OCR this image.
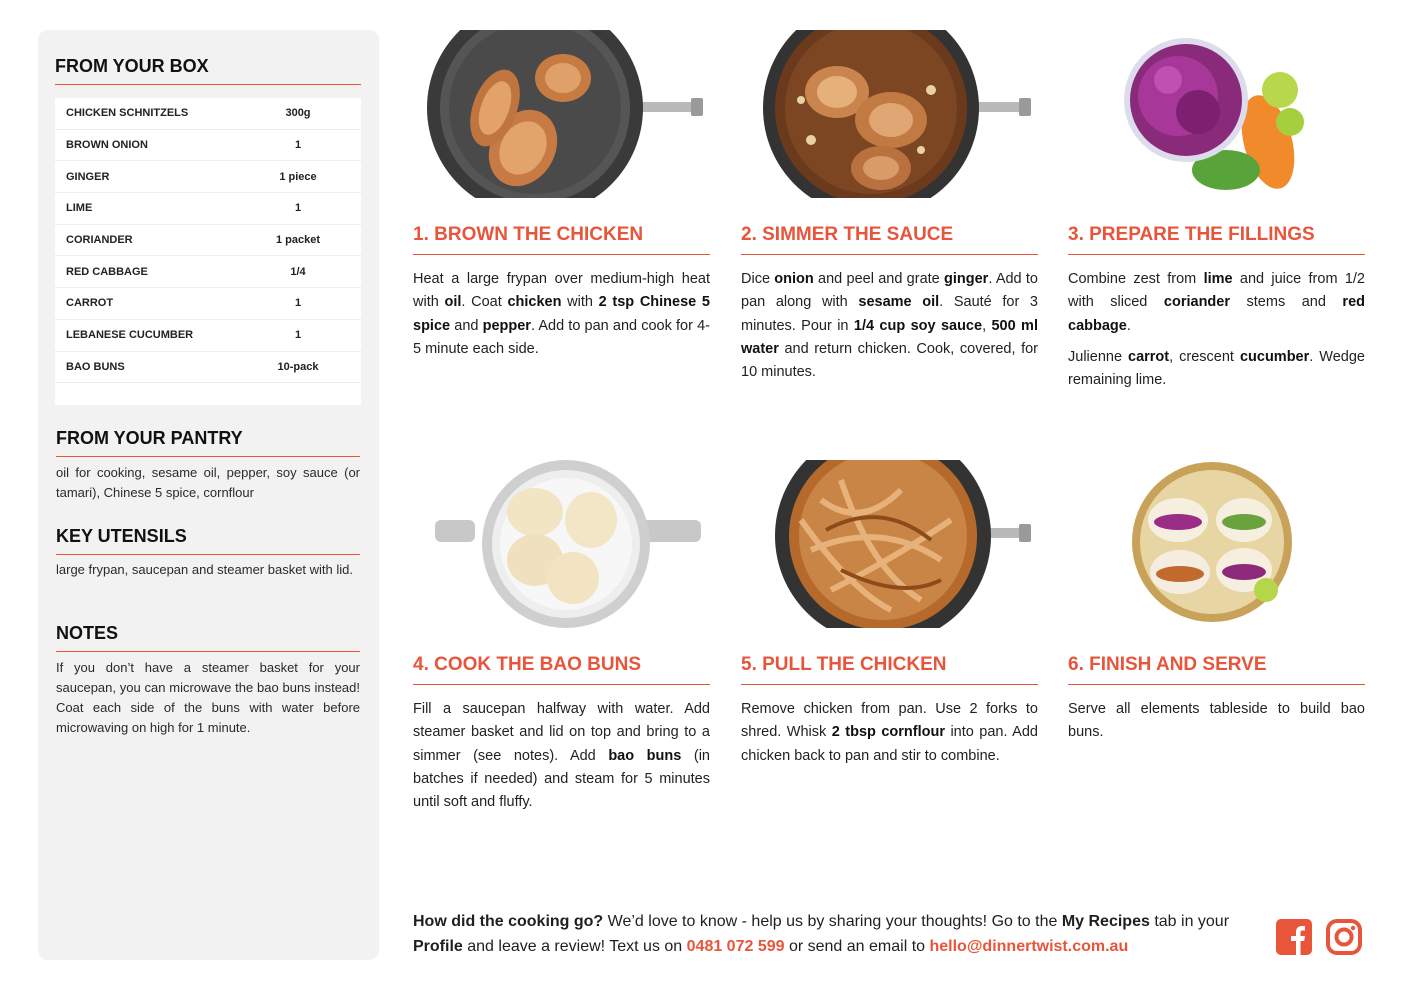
FROM YOUR BOX
CHICKEN SCHNITZELS	300g
BROWN ONION	1
GINGER	1 piece
LIME	1
CORIANDER	1 packet
RED CABBAGE	1/4
CARROT	1
LEBANESE CUCUMBER	1
BAO BUNS	10-pack
FROM YOUR PANTRY
oil for cooking, sesame oil, pepper, soy sauce (or tamari), Chinese 5 spice, cornflour
KEY UTENSILS
large frypan, saucepan and steamer basket with lid.
NOTES
If you don’t have a steamer basket for your saucepan, you can microwave the bao buns instead! Coat each side of the buns with water before microwaving on high for 1 minute.
1. BROWN THE CHICKEN

Heat a large frypan over medium-high heat with oil. Coat chicken with 2 tsp Chinese 5 spice and pepper. Add to pan and cook for 4-5 minute each side.

2. SIMMER THE SAUCE

Dice onion and peel and grate ginger. Add to pan along with sesame oil. Sauté for 3 minutes. Pour in 1/4 cup soy sauce, 500 ml water and return chicken. Cook, covered, for 10 minutes.

3. PREPARE THE FILLINGS

Combine zest from lime and juice from 1/2 with sliced coriander stems and red cabbage.

Julienne carrot, crescent cucumber. Wedge remaining lime.

4. COOK THE BAO BUNS

Fill a saucepan halfway with water. Add steamer basket and lid on top and bring to a simmer (see notes). Add bao buns (in batches if needed) and steam for 5 minutes until soft and fluffy.

5. PULL THE CHICKEN

Remove chicken from pan. Use 2 forks to shred. Whisk 2 tbsp cornflour into pan. Add chicken back to pan and stir to combine.

6. FINISH AND SERVE

Serve all elements tableside to build bao buns.

How did the cooking go? We’d love to know - help us by sharing your thoughts! Go to the My Recipes tab in your Profile and leave a review! Text us on 0481 072 599 or send an email to hello@dinnertwist.com.au
